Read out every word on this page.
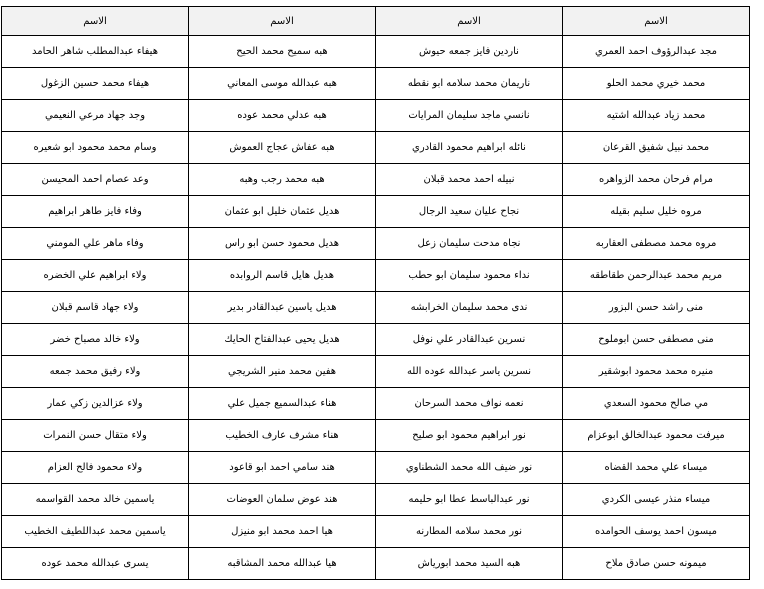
الاسم	الاسم	الاسم	الاسم
مجد عبدالرؤوف احمد العمري	ناردين فايز جمعه حيوش	هبه سميح محمد الحيح	هيفاء عبدالمطلب شاهر الحامد
محمد خيري محمد الحلو	ناريمان محمد سلامه ابو نقطه	هبه عبدالله موسى المعاني	هيفاء محمد حسين الزغول
محمد زياد عبدالله اشتيه	نانسي ماجد سليمان المرايات	هبه عدلي محمد عوده	وجد جهاد مرعي النعيمي
محمد نبيل شفيق القرعان	نائله ابراهيم محمود القادري	هبه عفاش عجاج العموش	وسام محمد محمود ابو شعيره
مرام فرحان محمد الزواهره	نبيله احمد محمد قبلان	هبه محمد رجب وهبه	وعد عصام احمد المحيسن
مروه خليل سليم بقيله	نجاح عليان سعيد الرجال	هديل عثمان خليل ابو عثمان	وفاء فايز طاهر ابراهيم
مروه محمد مصطفى العقاربه	نجاه مدحت سليمان زعل	هديل محمود حسن ابو راس	وفاء ماهر علي المومني
مريم محمد عبدالرحمن طقاطقه	نداء محمود سليمان ابو حطب	هديل هايل قاسم الروابده	ولاء ابراهيم علي الخضره
منى راشد حسن البزور	ندى محمد سليمان الخرابشه	هديل ياسين عبدالقادر بدير	ولاء جهاد قاسم قبلان
منى مصطفى حسن ابوملوح	نسرين عبدالقادر علي نوفل	هديل يحيى عبدالفتاح الحايك	ولاء خالد مصباح خضر
منيره محمد محمود ابوشقير	نسرين ياسر عبدالله عوده الله	هفين محمد منير الشريجي	ولاء رفيق محمد جمعه
مي صالح محمود السعدي	نعمه نواف محمد السرحان	هناء عبدالسميع جميل علي	ولاء عزالدين زكي عمار
ميرفت محمود عبدالخالق ابوعزام	نور ابراهيم محمود ابو صليح	هناء مشرف عارف الخطيب	ولاء متقال حسن النمرات
ميساء علي محمد القضاه	نور ضيف الله محمد الشطناوي	هند سامي احمد ابو قاعود	ولاء محمود فالح العزام
ميساء منذر عيسى الكردي	نور عبدالباسط عطا ابو حليمه	هند عوض سلمان العوضات	ياسمين خالد محمد القواسمه
ميسون احمد يوسف الحوامده	نور محمد سلامه المطارنه	هيا احمد محمد ابو منيزل	ياسمين محمد عبداللطيف الخطيب
ميمونه حسن صادق ملاح	هبه السيد محمد ابورياش	هيا عبدالله محمد المشاقبه	يسرى عبدالله محمد عوده
